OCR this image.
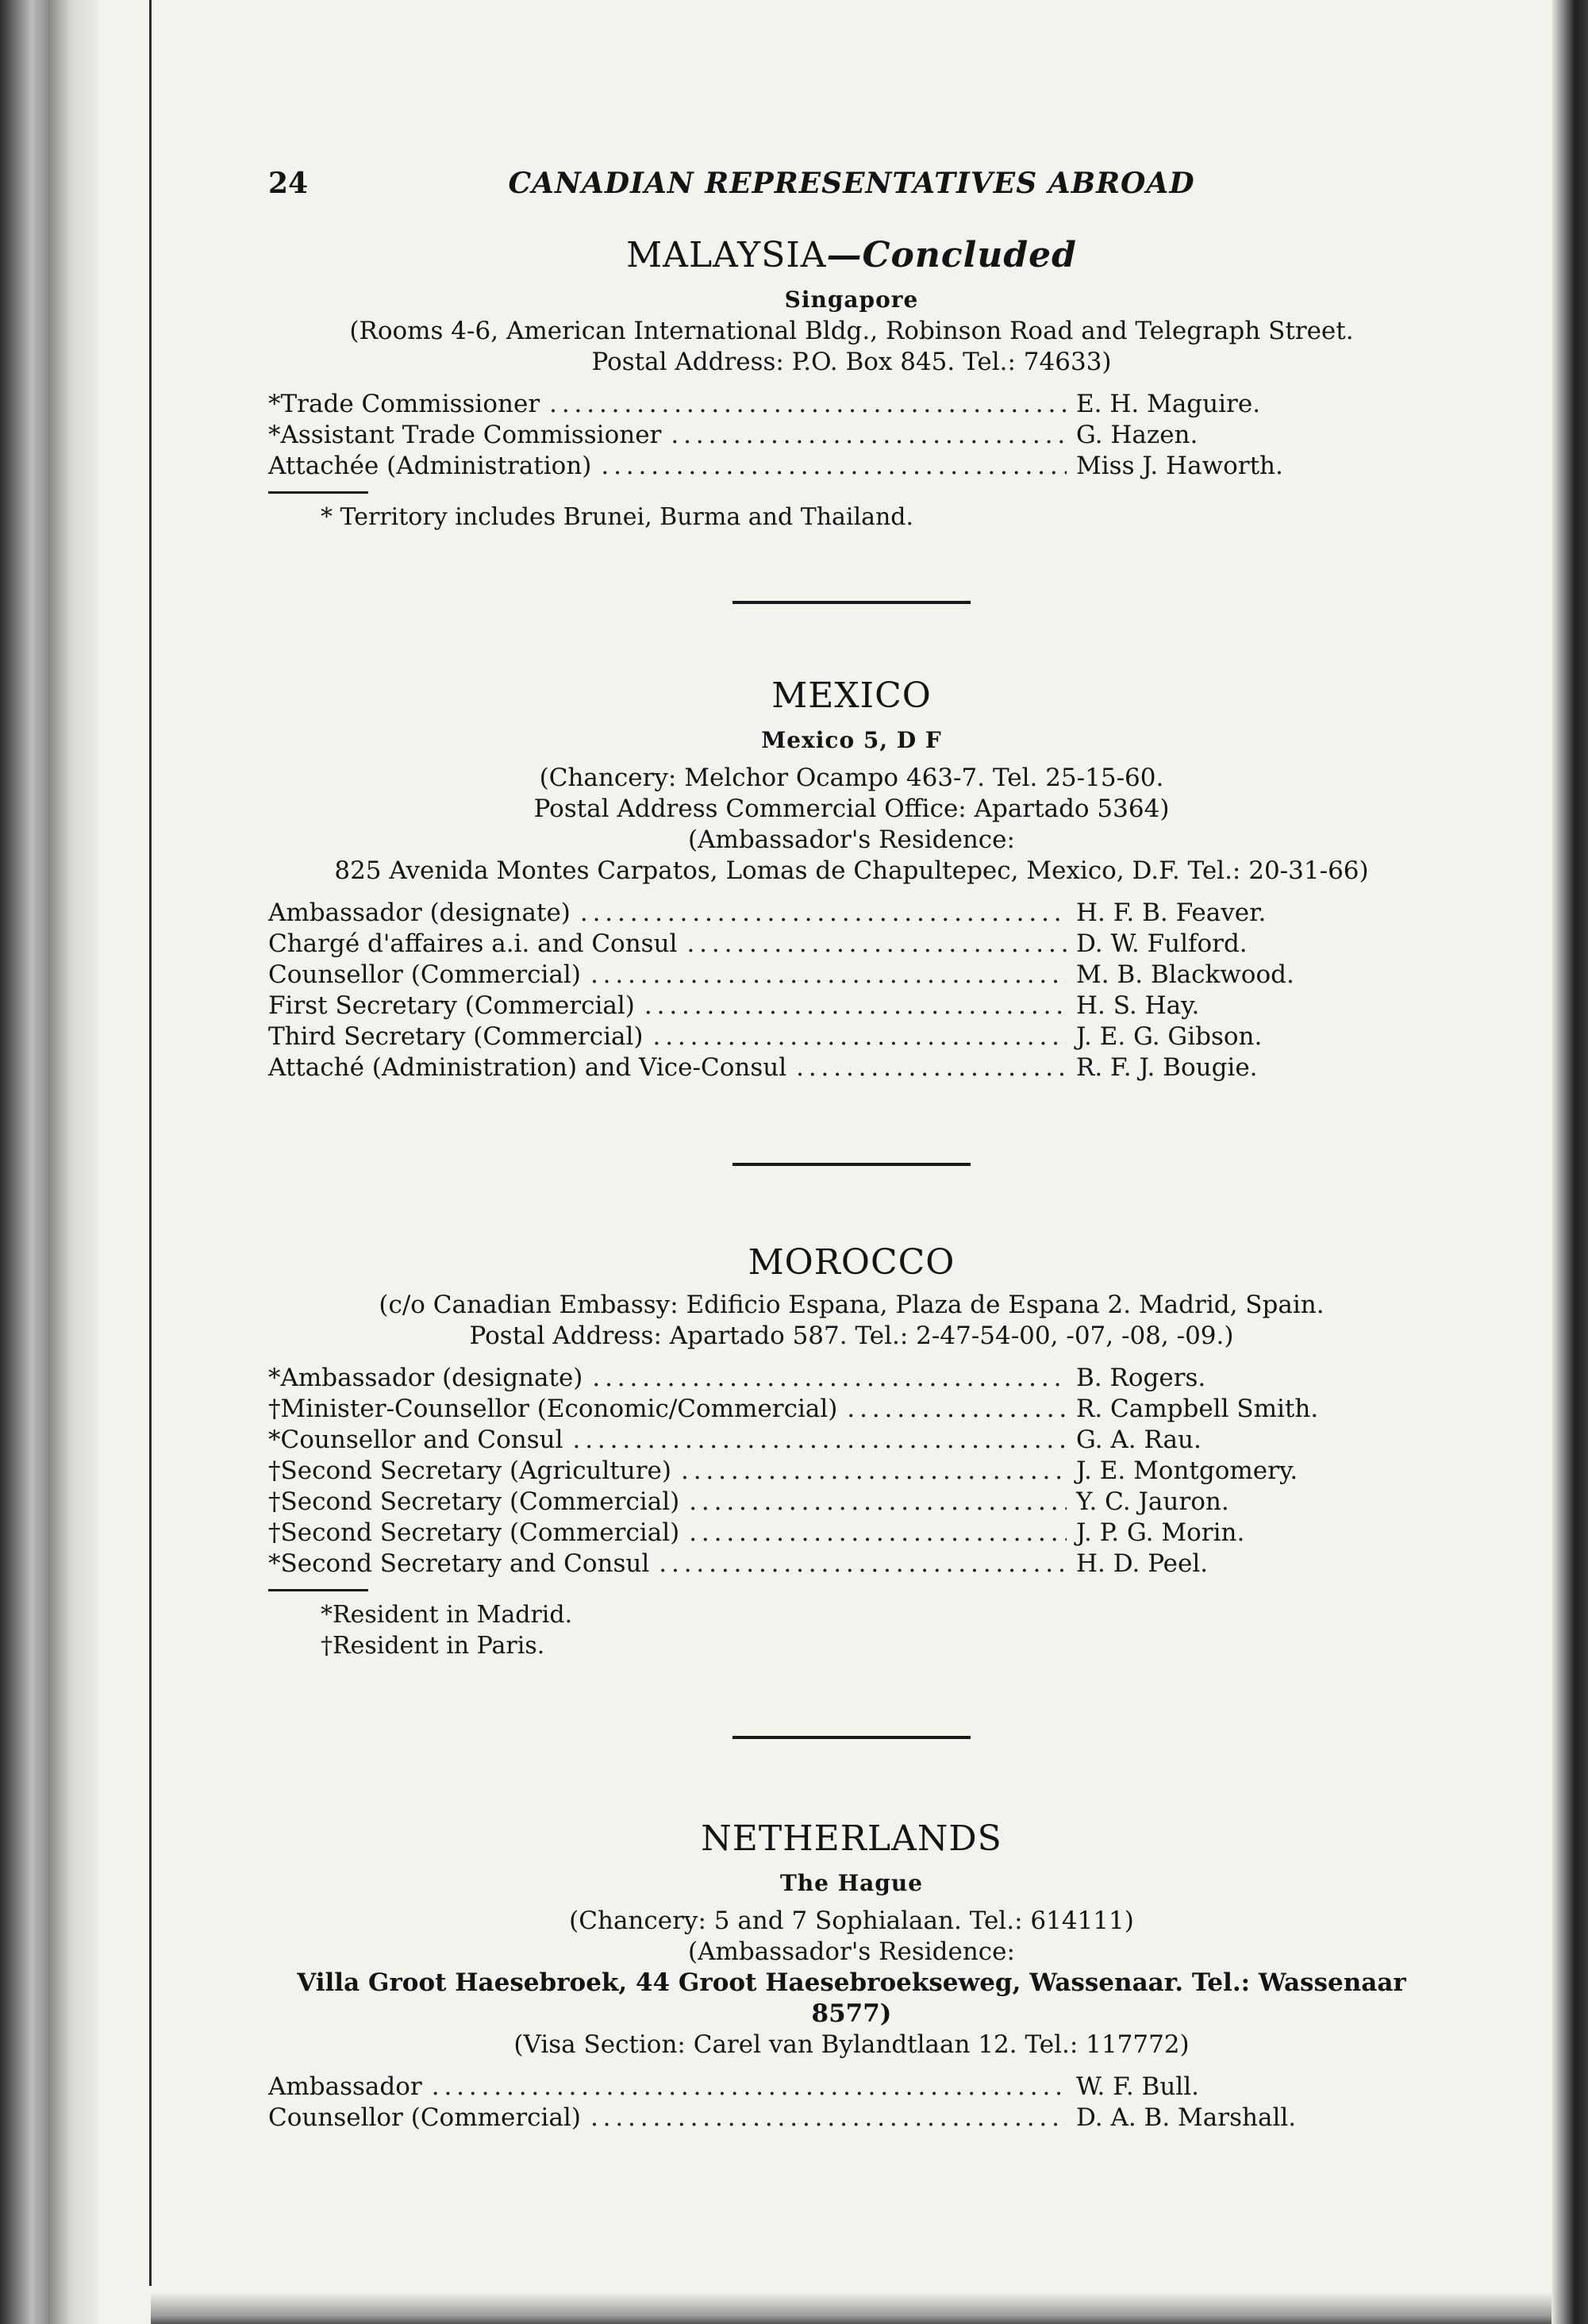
24	CANADIAN REPRESENTATIVES ABROAD
MALAYSIA—Concluded
Singapore
(Rooms 4-6, American International Bldg., Robinson Road and Telegraph Street.
Postal Address: P.O. Box 845. Tel.: 74633)
*Trade Commissioner . . .	E. H. Maguire.
*Assistant Trade Commissioner . . .	G. Hazen.
Attachée (Administration) . . .	Miss J. Haworth.
* Territory includes Brunei, Burma and Thailand.
MEXICO
Mexico 5, D F
(Chancery: Melchor Ocampo 463-7. Tel. 25-15-60.
Postal Address Commercial Office: Apartado 5364)
(Ambassador's Residence:
825 Avenida Montes Carpatos, Lomas de Chapultepec, Mexico, D.F. Tel.: 20-31-66)
Ambassador (designate) . . .	H. F. B. Feaver.
Chargé d'affaires a.i. and Consul . . .	D. W. Fulford.
Counsellor (Commercial) . . .	M. B. Blackwood.
First Secretary (Commercial) . . .	H. S. Hay.
Third Secretary (Commercial) . . .	J. E. G. Gibson.
Attaché (Administration) and Vice-Consul . . .	R. F. J. Bougie.
MOROCCO
(c/o Canadian Embassy: Edificio Espana, Plaza de Espana 2. Madrid, Spain.
Postal Address: Apartado 587. Tel.: 2-47-54-00, -07, -08, -09.)
*Ambassador (designate) . . .	B. Rogers.
†Minister-Counsellor (Economic/Commercial) . . .	R. Campbell Smith.
*Counsellor and Consul . . .	G. A. Rau.
†Second Secretary (Agriculture) . . .	J. E. Montgomery.
†Second Secretary (Commercial) . . .	Y. C. Jauron.
†Second Secretary (Commercial) . . .	J. P. G. Morin.
*Second Secretary and Consul . . .	H. D. Peel.
*Resident in Madrid.
†Resident in Paris.
NETHERLANDS
The Hague
(Chancery: 5 and 7 Sophialaan. Tel.: 614111)
(Ambassador's Residence:
Villa Groot Haesebroek, 44 Groot Haesebroekseweg, Wassenaar. Tel.: Wassenaar 8577)
(Visa Section: Carel van Bylandtlaan 12. Tel.: 117772)
Ambassador . . .	W. F. Bull.
Counsellor (Commercial) . . .	D. A. B. Marshall.
